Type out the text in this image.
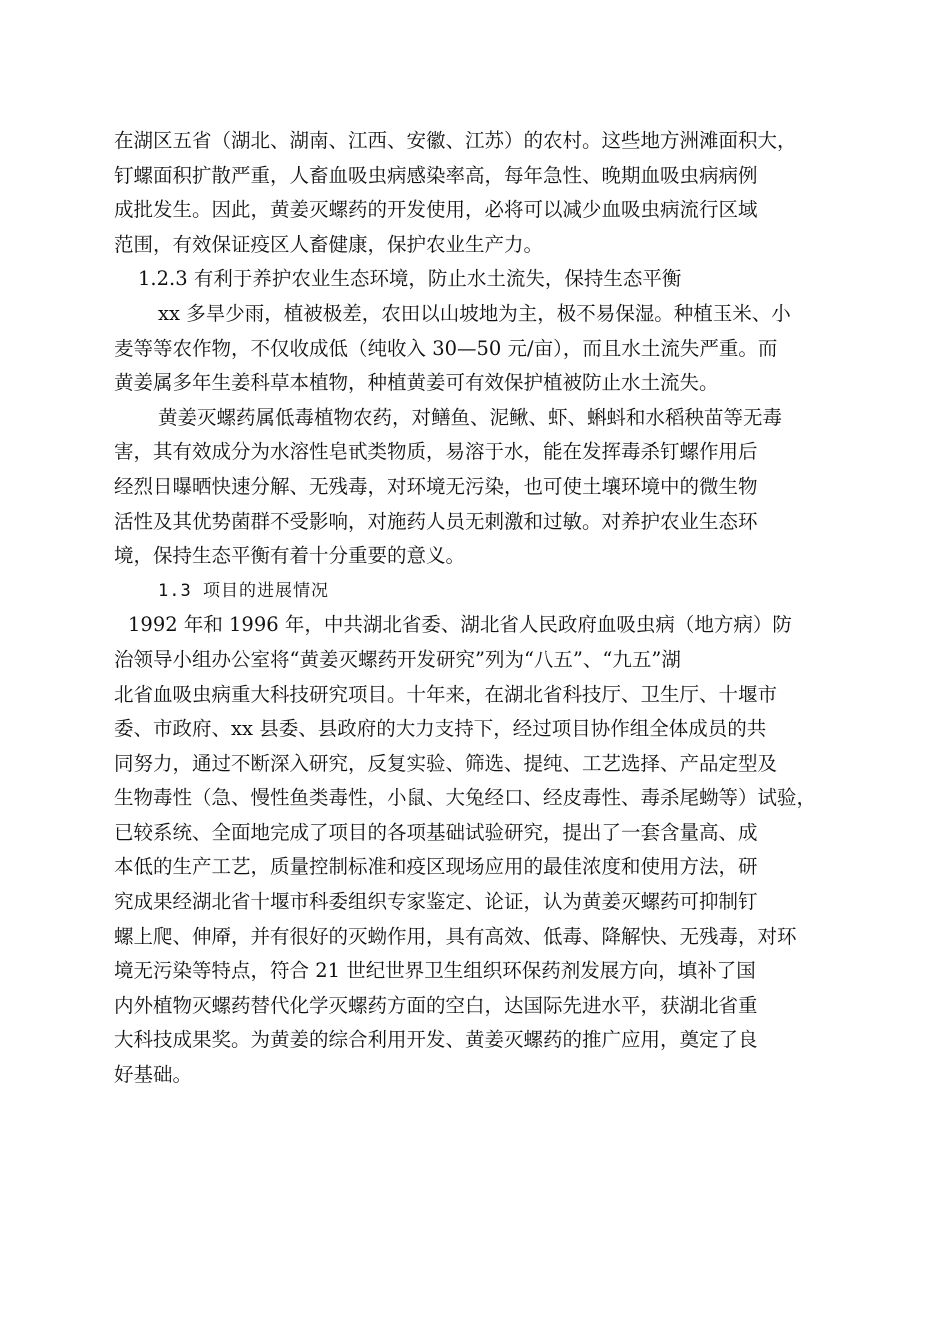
在湖区五省（湖北、湖南、江西、安徽、江苏）的农村。这些地方洲滩面积大，
钉螺面积扩散严重，人畜血吸虫病感染率高，每年急性、晚期血吸虫病病例
成批发生。因此，黄姜灭螺药的开发使用，必将可以减少血吸虫病流行区域
范围，有效保证疫区人畜健康，保护农业生产力。
1.2.3 有利于养护农业生态环境，防止水土流失，保持生态平衡
xx 多旱少雨，植被极差，农田以山坡地为主，极不易保湿。种植玉米、小
麦等等农作物，不仅收成低（纯收入 30—50 元/亩），而且水土流失严重。而
黄姜属多年生姜科草本植物，种植黄姜可有效保护植被防止水土流失。
黄姜灭螺药属低毒植物农药，对鳝鱼、泥鳅、虾、蝌蚪和水稻秧苗等无毒
害，其有效成分为水溶性皂甙类物质，易溶于水，能在发挥毒杀钉螺作用后
经烈日曝晒快速分解、无残毒，对环境无污染，也可使土壤环境中的微生物
活性及其优势菌群不受影响，对施药人员无刺激和过敏。对养护农业生态环
境，保持生态平衡有着十分重要的意义。
1.3 项目的进展情况
1992 年和 1996 年，中共湖北省委、湖北省人民政府血吸虫病（地方病）防
治领导小组办公室将“黄姜灭螺药开发研究”列为“八五”、“九五”湖
北省血吸虫病重大科技研究项目。十年来，在湖北省科技厅、卫生厅、十堰市
委、市政府、xx 县委、县政府的大力支持下，经过项目协作组全体成员的共
同努力，通过不断深入研究，反复实验、筛选、提纯、工艺选择、产品定型及
生物毒性（急、慢性鱼类毒性，小鼠、大兔经口、经皮毒性、毒杀尾蚴等）试验，
已较系统、全面地完成了项目的各项基础试验研究，提出了一套含量高、成
本低的生产工艺，质量控制标准和疫区现场应用的最佳浓度和使用方法，研
究成果经湖北省十堰市科委组织专家鉴定、论证，认为黄姜灭螺药可抑制钉
螺上爬、伸厣，并有很好的灭蚴作用，具有高效、低毒、降解快、无残毒，对环
境无污染等特点，符合 21 世纪世界卫生组织环保药剂发展方向，填补了国
内外植物灭螺药替代化学灭螺药方面的空白，达国际先进水平，获湖北省重
大科技成果奖。为黄姜的综合利用开发、黄姜灭螺药的推广应用，奠定了良
好基础。
